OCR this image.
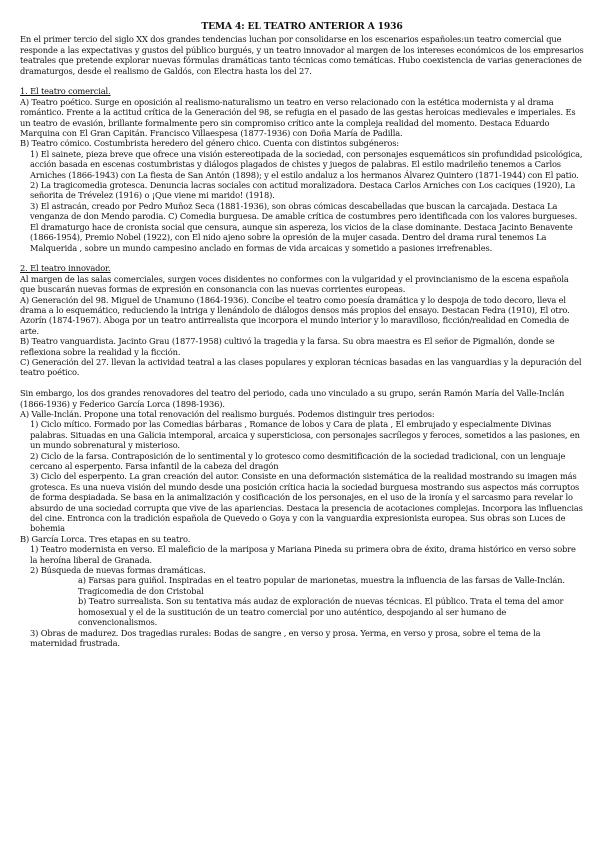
TEMA 4: EL TEATRO ANTERIOR A 1936

En el primer tercio del siglo XX dos grandes tendencias luchan por consolidarse en los escenarios españoles:un teatro comercial que responde a las expectativas y gustos del público burgués, y un teatro innovador al margen de los intereses económicos de los empresarios teatrales que pretende explorar nuevas fórmulas dramáticas tanto técnicas como temáticas. Hubo coexistencia de varias generaciones de dramaturgos, desde el realismo de Galdós, con Electra hasta los del 27.

1. El teatro comercial.

A) Teatro poético. Surge en oposición al realismo-naturalismo un teatro en verso relacionado con la estética modernista y al drama romántico. Frente a la actitud crítica de la Generación del 98, se refugia en el pasado de las gestas heroicas medievales e imperiales. Es un teatro de evasión, brillante formalmente pero sin compromiso crítico ante la compleja realidad del momento. Destaca Eduardo Marquina con El Gran Capitán. Francisco Villaespesa (1877-1936) con Doña María de Padilla.

B) Teatro cómico. Costumbrista heredero del género chico. Cuenta con distintos subgéneros:

1) El sainete, pieza breve que ofrece una visión estereotipada de la sociedad, con personajes esquemáticos sin profundidad psicológica, acción basada en escenas costumbristas y diálogos plagados de chistes y juegos de palabras. El estilo madrileño tenemos a Carlos Arniches (1866-1943) con La fiesta de San Antón (1898); y el estilo andaluz a los hermanos Álvarez Quintero (1871-1944) con El patio.

2) La tragicomedia grotesca. Denuncia lacras sociales con actitud moralizadora. Destaca Carlos Arniches con Los caciques (1920), La señorita de Trévelez (1916) o ¡Que viene mi marido! (1918).

3) El astracán, creado por Pedro Muñoz Seca (1881-1936), son obras cómicas descabelladas que buscan la carcajada. Destaca La venganza de don Mendo parodia. C) Comedia burguesa. De amable crítica de costumbres pero identificada con los valores burgueses. El dramaturgo hace de cronista social que censura, aunque sin aspereza, los vicios de la clase dominante. Destaca Jacinto Benavente (1866-1954), Premio Nobel (1922), con El nido ajeno sobre la opresión de la mujer casada. Dentro del drama rural tenemos La Malquerida , sobre un mundo campesino anclado en formas de vida arcaicas y sometido a pasiones irrefrenables.

2. El teatro innovador.

Al margen de las salas comerciales, surgen voces disidentes no conformes con la vulgaridad y el provincianismo de la escena española que buscarán nuevas formas de expresión en consonancia con las nuevas corrientes europeas.

A) Generación del 98. Miguel de Unamuno (1864-1936). Concibe el teatro como poesía dramática y lo despoja de todo decoro, lleva el drama a lo esquemático, reduciendo la intriga y llenándolo de diálogos densos más propios del ensayo. Destacan Fedra (1910), El otro. Azorín (1874-1967). Aboga por un teatro antirrealista que incorpora el mundo interior y lo maravilloso, ficción/realidad en Comedia de arte.

B) Teatro vanguardista. Jacinto Grau (1877-1958) cultivó la tragedia y la farsa. Su obra maestra es El señor de Pigmalión, donde se reflexiona sobre la realidad y la ficción.

C) Generación del 27. llevan la actividad teatral a las clases populares y exploran técnicas basadas en las vanguardias y la depuración del teatro poético.

Sin embargo, los dos grandes renovadores del teatro del periodo, cada uno vinculado a su grupo, serán Ramón María del Valle-Inclán (1866-1936) y Federico García Lorca (1898-1936).

A) Valle-Inclán. Propone una total renovación del realismo burgués. Podemos distinguir tres periodos:

1) Ciclo mítico. Formado por las Comedias bárbaras , Romance de lobos y Cara de plata , El embrujado y especialmente Divinas palabras. Situadas en una Galicia intemporal, arcaica y supersticiosa, con personajes sacrílegos y feroces, sometidos a las pasiones, en un mundo sobrenatural y misterioso.

2) Ciclo de la farsa. Contraposición de lo sentimental y lo grotesco como desmitificación de la sociedad tradicional, con un lenguaje cercano al esperpento. Farsa infantil de la cabeza del dragón

3) Ciclo del esperpento. La gran creación del autor. Consiste en una deformación sistemática de la realidad mostrando su imagen más grotesca. Es una nueva visión del mundo desde una posición crítica hacia la sociedad burguesa mostrando sus aspectos más corruptos de forma despiadada. Se basa en la animalización y cosificación de los personajes, en el uso de la ironía y el sarcasmo para revelar lo absurdo de una sociedad corrupta que vive de las apariencias. Destaca la presencia de acotaciones complejas. Incorpora las influencias del cine. Entronca con la tradición española de Quevedo o Goya y con la vanguardia expresionista europea. Sus obras son Luces de bohemia

B) García Lorca. Tres etapas en su teatro.

1) Teatro modernista en verso. El maleficio de la mariposa y Mariana Pineda su primera obra de éxito, drama histórico en verso sobre la heroína liberal de Granada.

2) Búsqueda de nuevas formas dramáticas.

a) Farsas para guiñol. Inspiradas en el teatro popular de marionetas, muestra la influencia de las farsas de Valle-Inclán. Tragicomedia de don Cristobal

b) Teatro surrealista. Son su tentativa más audaz de exploración de nuevas técnicas. El público. Trata el tema del amor homosexual y el de la sustitución de un teatro comercial por uno auténtico, despojando al ser humano de convencionalismos.

3) Obras de madurez. Dos tragedias rurales: Bodas de sangre , en verso y prosa. Yerma, en verso y prosa, sobre el tema de la maternidad frustrada.
